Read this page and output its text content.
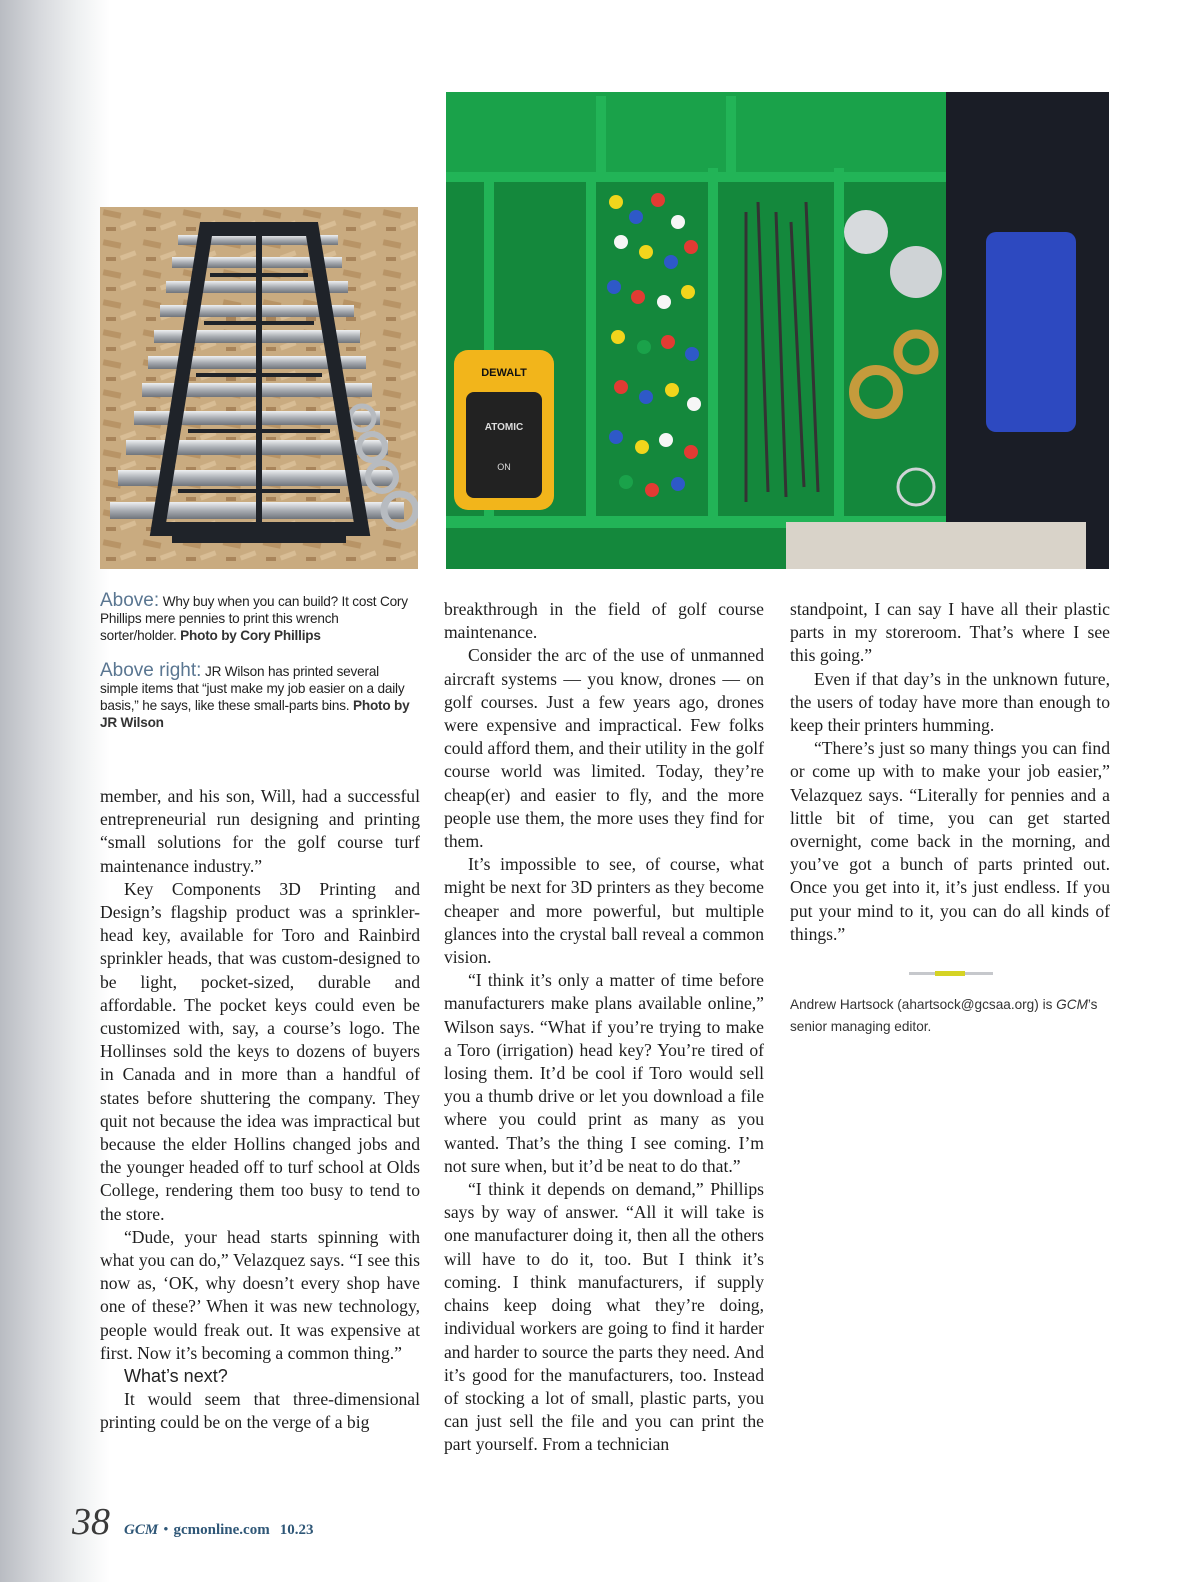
DEWALT
ATOMIC
ON
Above: Why buy when you can build? It cost Cory Phillips mere pennies to print this wrench sorter/holder. Photo by Cory Phillips
Above right: JR Wilson has printed several simple items that “just make my job easier on a daily basis,” he says, like these small-parts bins. Photo by JR Wilson

member, and his son, Will, had a successful entrepreneurial run designing and printing “small solutions for the golf course turf maintenance industry.”

Key Components 3D Printing and Design’s flagship product was a sprinkler-head key, available for Toro and Rainbird sprinkler heads, that was custom-designed to be light, pocket-sized, durable and affordable. The pocket keys could even be customized with, say, a course’s logo. The Hollinses sold the keys to dozens of buyers in Canada and in more than a handful of states before shuttering the company. They quit not because the idea was impractical but because the elder Hollins changed jobs and the younger headed off to turf school at Olds College, rendering them too busy to tend to the store.

“Dude, your head starts spinning with what you can do,” Velazquez says. “I see this now as, ‘OK, why doesn’t every shop have one of these?’ When it was new technology, people would freak out. It was expensive at first. Now it’s becoming a common thing.”

What’s next?

It would seem that three-dimensional printing could be on the verge of a big

breakthrough in the field of golf course maintenance.

Consider the arc of the use of unmanned aircraft systems — you know, drones — on golf courses. Just a few years ago, drones were expensive and impractical. Few folks could afford them, and their utility in the golf course world was limited. Today, they’re cheap(er) and easier to fly, and the more people use them, the more uses they find for them.

It’s impossible to see, of course, what might be next for 3D printers as they become cheaper and more powerful, but multiple glances into the crystal ball reveal a common vision.

“I think it’s only a matter of time before manufacturers make plans available online,” Wilson says. “What if you’re trying to make a Toro (irrigation) head key? You’re tired of losing them. It’d be cool if Toro would sell you a thumb drive or let you download a file where you could print as many as you wanted. That’s the thing I see coming. I’m not sure when, but it’d be neat to do that.”

“I think it depends on demand,” Phillips says by way of answer. “All it will take is one manufacturer doing it, then all the others will have to do it, too. But I think it’s coming. I think manufacturers, if supply chains keep doing what they’re doing, individual workers are going to find it harder and harder to source the parts they need. And it’s good for the manufacturers, too. Instead of stocking a lot of small, plastic parts, you can just sell the file and you can print the part yourself. From a technician

standpoint, I can say I have all their plastic parts in my storeroom. That’s where I see this going.”

Even if that day’s in the unknown future, the users of today have more than enough to keep their printers humming.

“There’s just so many things you can find or come up with to make your job easier,” Velazquez says. “Literally for pennies and a little bit of time, you can get started overnight, come back in the morning, and you’ve got a bunch of parts printed out. Once you get into it, it’s just endless. If you put your mind to it, you can do all kinds of things.”

Andrew Hartsock (ahartsock@gcsaa.org) is GCM’s senior managing editor.
38 GCM • gcmonline.com 10.23
